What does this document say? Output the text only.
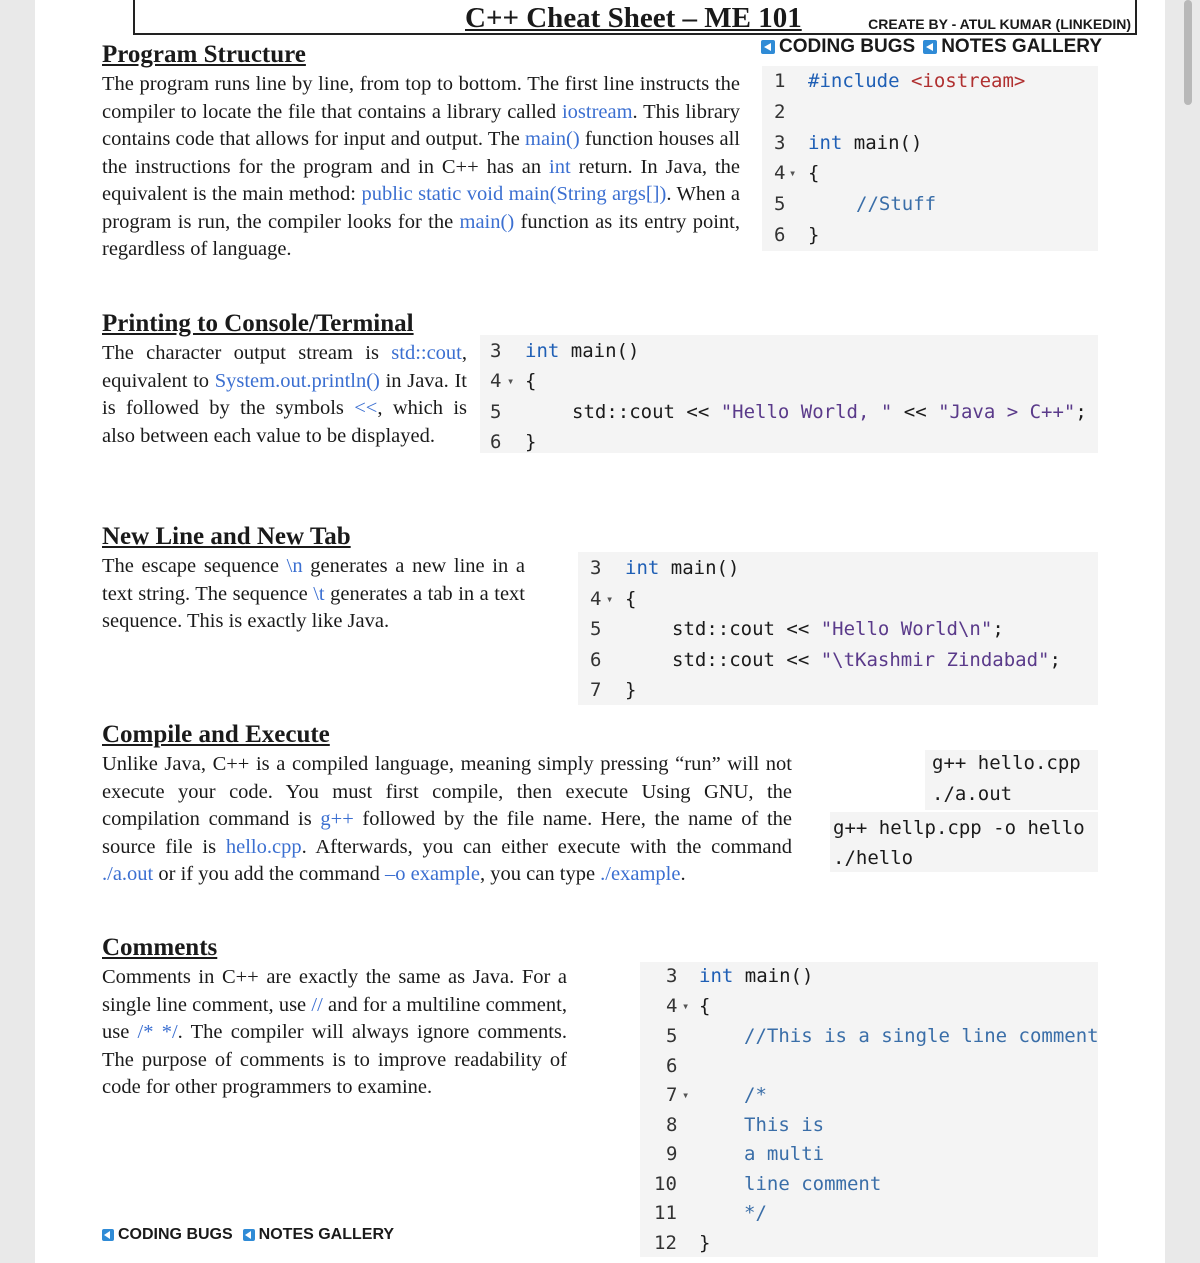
C++ Cheat Sheet – ME 101	CREATE BY - ATUL KUMAR (LINKEDIN)
CODING BUGS NOTES GALLERY
Program Structure

The program runs line by line, from top to bottom. The first line instructs the compiler to locate the file that contains a library called iostream. This library contains code that allows for input and output. The main() function houses all the instructions for the program and in C++ has an int return. In Java, the equivalent is the main method: public static void main(String args[]). When a program is run, the compiler looks for the main() function as its entry point, regardless of language.

1 #include <iostream>
2
3 int main()
4 ▾ {
5	//Stuff
6 }
Printing to Console/Terminal

The character output stream is std::cout, equivalent to System.out.println() in Java. It is followed by the symbols <<, which is also between each value to be displayed.

3 int main()
4 ▾ {
5	std::cout << "Hello World, " << "Java > C++";
6 }
New Line and New Tab

The escape sequence \n generates a new line in a text string. The sequence \t generates a tab in a text sequence. This is exactly like Java.

3 int main()
4 ▾ {
5	std::cout << "Hello World\n";
6	std::cout << "\tKashmir Zindabad";
7 }
Compile and Execute

Unlike Java, C++ is a compiled language, meaning simply pressing “run” will not execute your code. You must first compile, then execute Using GNU, the compilation command is g++ followed by the file name. Here, the name of the source file is hello.cpp. Afterwards, you can either execute with the command ./a.out or if you add the command –o example, you can type ./example.

g++ hello.cpp
./a.out
g++ hellp.cpp -o hello
./hello
Comments

Comments in C++ are exactly the same as Java. For a single line comment, use // and for a multiline comment, use /* */. The compiler will always ignore comments. The purpose of comments is to improve readability of code for other programmers to examine.

3 int main()
4 ▾ {
5	//This is a single line comment
6
7 ▾	/*
8	This is
9	a multi
10	line comment
11	*/
12 }
CODING BUGS NOTES GALLERY
